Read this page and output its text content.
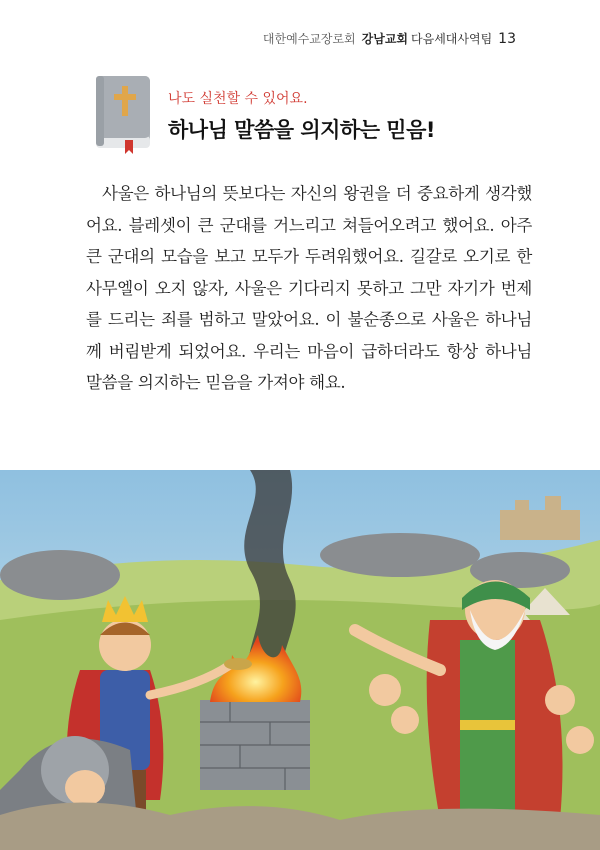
대한예수교장로회 강남교회 다음세대사역팀 13
나도 실천할 수 있어요.
하나님 말씀을 의지하는 믿음!

사울은 하나님의 뜻보다는 자신의 왕권을 더 중요하게 생각했어요. 블레셋이 큰 군대를 거느리고 쳐들어오려고 했어요. 아주 큰 군대의 모습을 보고 모두가 두려워했어요. 길갈로 오기로 한 사무엘이 오지 않자, 사울은 기다리지 못하고 그만 자기가 번제를 드리는 죄를 범하고 말았어요. 이 불순종으로 사울은 하나님께 버림받게 되었어요. 우리는 마음이 급하더라도 항상 하나님 말씀을 의지하는 믿음을 가져야 해요.
